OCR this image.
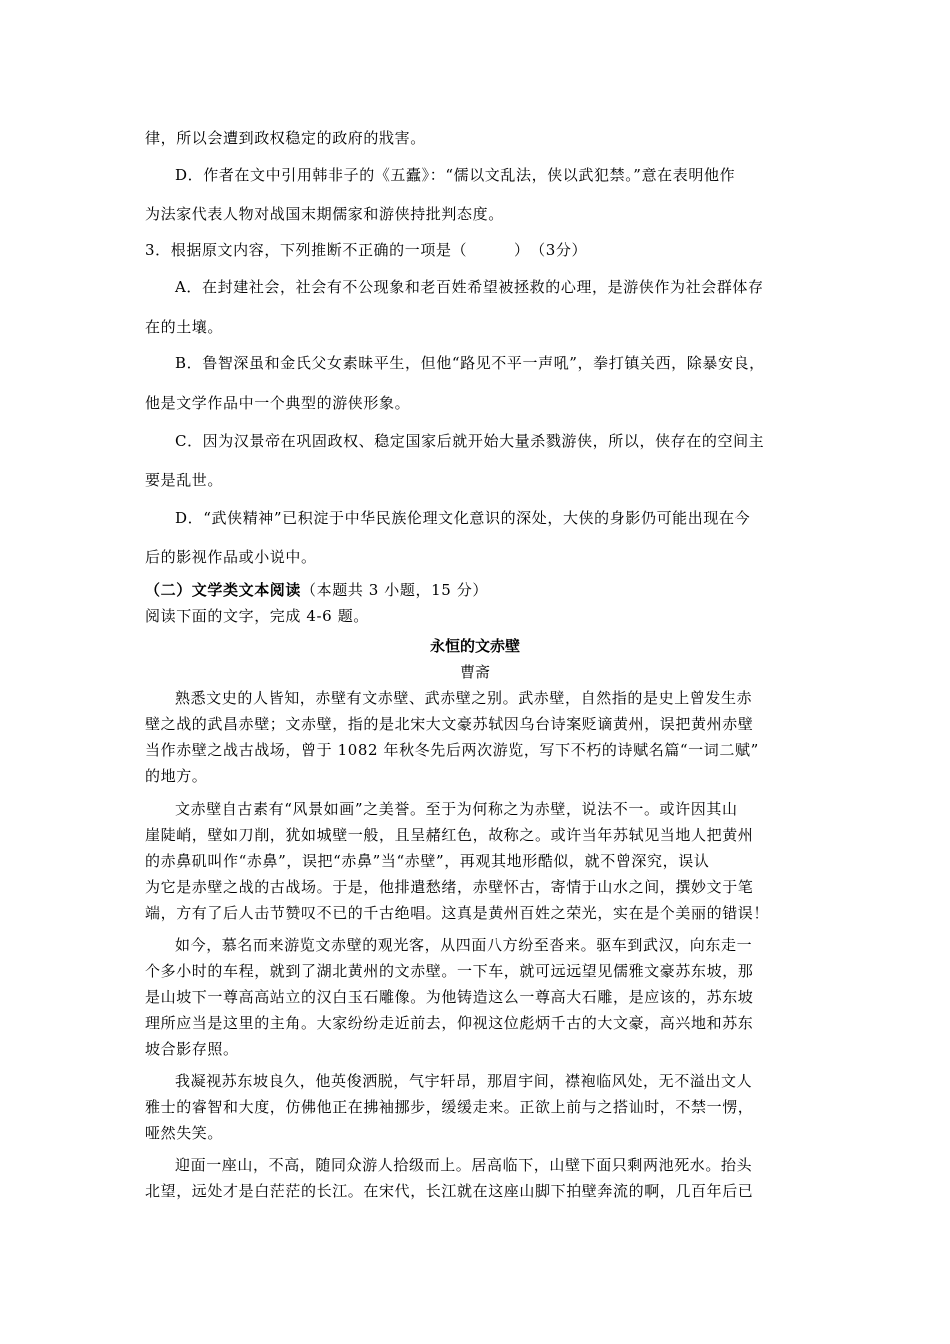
律，所以会遭到政权稳定的政府的戕害。
D．作者在文中引用韩非子的《五蠹》：“儒以文乱法，侠以武犯禁。”意在表明他作
为法家代表人物对战国末期儒家和游侠持批判态度。
3．根据原文内容，下列推断不正确的一项是（　　　）　（3分）
A．在封建社会，社会有不公现象和老百姓希望被拯救的心理，是游侠作为社会群体存
在的土壤。
B．鲁智深虽和金氏父女素昧平生，但他“路见不平一声吼”，拳打镇关西，除暴安良，
他是文学作品中一个典型的游侠形象。
C．因为汉景帝在巩固政权、稳定国家后就开始大量杀戮游侠，所以，侠存在的空间主
要是乱世。
D．“武侠精神”已积淀于中华民族伦理文化意识的深处，大侠的身影仍可能出现在今
后的影视作品或小说中。
（二）文学类文本阅读（本题共 3 小题，15 分）
阅读下面的文字，完成 4-6 题。
永恒的文赤壁
曹斋
熟悉文史的人皆知，赤壁有文赤壁、武赤壁之别。武赤壁，自然指的是史上曾发生赤
壁之战的武昌赤壁；文赤壁，指的是北宋大文豪苏轼因乌台诗案贬谪黄州，误把黄州赤壁
当作赤壁之战古战场，曾于 1082 年秋冬先后两次游览，写下不朽的诗赋名篇“一词二赋”
的地方。
文赤壁自古素有“风景如画”之美誉。至于为何称之为赤壁，说法不一。或许因其山
崖陡峭，壁如刀削，犹如城壁一般，且呈赭红色，故称之。或许当年苏轼见当地人把黄州
的赤鼻矶叫作“赤鼻”，误把“赤鼻”当“赤壁”，再观其地形酷似，就不曾深究，误认
为它是赤壁之战的古战场。于是，他排遣愁绪，赤壁怀古，寄情于山水之间，撰妙文于笔
端，方有了后人击节赞叹不已的千古绝唱。这真是黄州百姓之荣光，实在是个美丽的错误！
如今，慕名而来游览文赤壁的观光客，从四面八方纷至沓来。驱车到武汉，向东走一
个多小时的车程，就到了湖北黄州的文赤壁。一下车，就可远远望见儒雅文豪苏东坡，那
是山坡下一尊高高站立的汉白玉石雕像。为他铸造这么一尊高大石雕，是应该的，苏东坡
理所应当是这里的主角。大家纷纷走近前去，仰视这位彪炳千古的大文豪，高兴地和苏东
坡合影存照。
我凝视苏东坡良久，他英俊洒脱，气宇轩昂，那眉宇间，襟袍临风处，无不溢出文人
雅士的睿智和大度，仿佛他正在拂袖挪步，缓缓走来。正欲上前与之搭讪时，不禁一愣，
哑然失笑。
迎面一座山，不高，随同众游人拾级而上。居高临下，山壁下面只剩两池死水。抬头
北望，远处才是白茫茫的长江。在宋代，长江就在这座山脚下拍壁奔流的啊，几百年后已
